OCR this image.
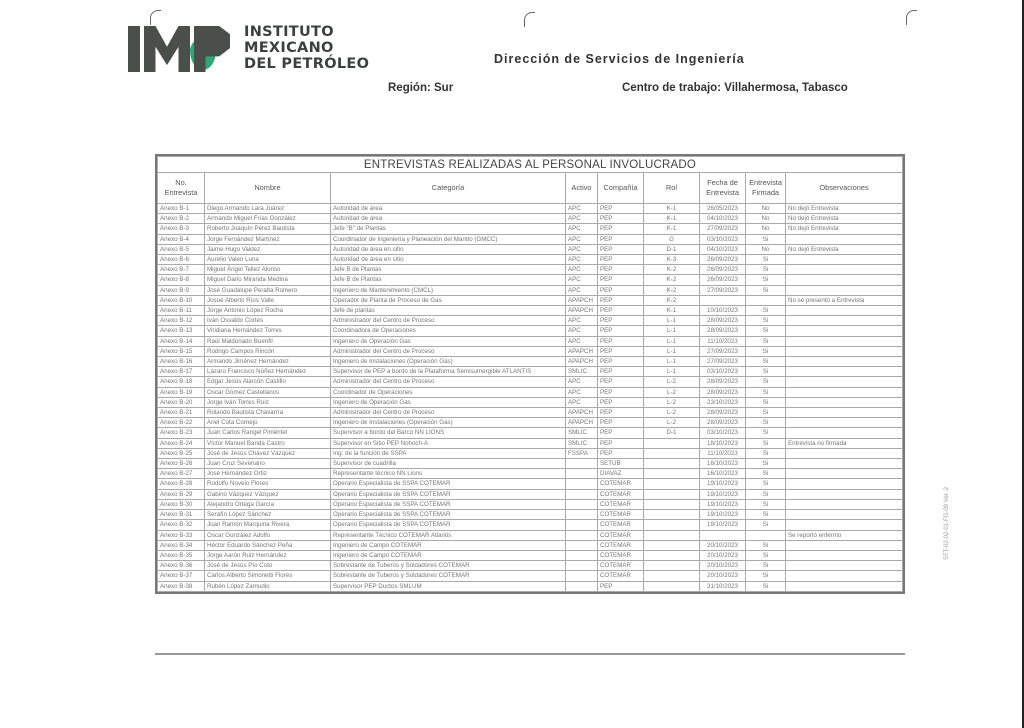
INSTITUTO
MEXICANO
DEL PETRÓLEO	Dirección de Servicios de Ingeniería
Región: Sur	Centro de trabajo: Villahermosa, Tabasco
ENTREVISTAS REALIZADAS AL PERSONAL INVOLUCRADO								
No. Entrevista	Nombre	Categoría	Activo	Compañía	Rol	Fecha de Entrevista	Entrevista Firmada	Observaciones
Anexo B-1	Diego Armando Lara Juárez	Autoridad de área	APC	PEP	K-1	26/05/2023	No	No dejó Entrevista
Anexo B-2	Armando Miguel Frías González	Autoridad de área	APC	PEP	K-1	04/10/2023	No	No dejó Entrevista
Anexo B-3	Roberto Joaquín Pérez Bautista	Jefe "B" de Plantas	APC	PEP	K-1	27/09/2023	No	No dejó Entrevista
Anexo B-4	Jorge Fernández Martínez	Coordinador de Ingeniería y Planeación del Mantto (GMCC)	APC	PEP	G	03/10/2023	Si	
Anexo B-5	Jaime Hugo Valdez	Autoridad de área en sitio	APC	PEP	D-1	04/10/2023	No	No dejó Entrevista
Anexo B-6	Aurelio Valen Luna	Autoridad de área en sitio	APC	PEP	K-3	26/09/2023	Si	
Anexo B-7	Miguel Ángel Tellez Alonso	Jefe B de Plantas	APC	PEP	K-2	26/09/2023	Si	
Anexo B-8	Miguel Dario Miranda Medina	Jefe B de Plantas	APC	PEP	K-2	26/09/2023	Si	
Anexo B-9	José Guadalupe Peralta Romero	Ingeniero de Mantenimiento (CMCL)	APC	PEP	K-2	27/09/2023	Si	
Anexo B-10	Josué Alberto Ríos Valle	Operador de Planta de Proceso de Gas	APAPCH	PEP	K-2			No se presentó a Entrevista
Anexo B-11	Jorge Antonio López Rocha	Jefe de plantas	APAPCH	PEP	K-1	10/10/2023	Si	
Anexo B-12	Iván Osvaldo Cortés	Administrador del Centro de Proceso	APC	PEP	L-1	28/09/2023	Si	
Anexo B-13	Viridiana Hernández Torres	Coordinadora de Operaciones	APC	PEP	L-1	28/09/2023	Si	
Anexo B-14	Raúl Maldonado Buenfil	Ingeniero de Operación Gas	APC	PEP	L-1	11/10/2023	Si	
Anexo B-15	Rodrigo Campos Rincón	Administrador del Centro de Proceso	APAPCH	PEP	L-1	27/09/2023	Si	
Anexo B-16	Armando Jiménez Hernández	Ingeniero de Instalaciones (Operación Gas)	APAPCH	PEP	L-1	27/09/2023	Si	
Anexo B-17	Lázaro Francisco Núñez Hernández	Supervisor de PEP a bordo de la Plataforma Semisumergible ATLANTIS	SMLIC	PEP	L-1	03/10/2023	Si	
Anexo B-18	Edgar Jesús Alarcón Castillo	Administrador del Centro de Proceso	APC	PEP	L-2	28/09/2023	Si	
Anexo B-19	Oscar Gómez Castellanos	Coordinador de Operaciones	APC	PEP	L-2	28/09/2023	Si	
Anexo B-20	Jorge Iván Torres Ruiz	Ingeniero de Operación Gas	APC	PEP	L-2	23/10/2023	Si	
Anexo B-21	Rolando Bautista Chavarría	Administrador del Centro de Proceso	APAPCH	PEP	L-2	28/09/2023	Si	
Anexo B-22	Ariel Cota Cornejo	Ingeniero de Instalaciones (Operación Gas)	APAPCH	PEP	L-2	28/09/2023	Si	
Anexo B-23	Juan Carlos Rangel Pimentel	Supervisor a bordo del Barco NN LIONS	SMLIC	PEP	D-1	03/10/2023	Si	
Anexo B-24	Víctor Manuel Banda Castro	Supervisor en Sitio PEP Nohoch-A	SMLIC	PEP		18/10/2023	Si	Entrevista no firmada
Anexo B-25	José de Jesús Chávez Vázquez	Ing. de la función de SSPA	FSSPA	PEP		11/10/2023	Si	
Anexo B-26	Juan Cruz Severiano	Supervisor de cuadrilla		SETUB		16/10/2023	Si	
Anexo B-27	José Hernández Ortiz	Representante técnico NN Lions		DIAVAZ		16/10/2023	Si	
Anexo B-28	Rodolfo Novelo Flores	Operario Especialista de SSPA COTEMAR		COTEMAR		19/10/2023	Si	
Anexo B-29	Gabino Vázquez Vázquez	Operario Especialista de SSPA COTEMAR		COTEMAR		19/10/2023	Si	
Anexo B-30	Alejandro Ortega García	Operario Especialista de SSPA COTEMAR		COTEMAR		19/10/2023	Si	
Anexo B-31	Serafín López Sánchez	Operario Especialista de SSPA COTEMAR		COTEMAR		19/10/2023	Si	
Anexo B-32	Juan Ramón Marquina Rivera	Operario Especialista de SSPA COTEMAR		COTEMAR		19/10/2023	Si	
Anexo B-33	Oscar González Adolfo	Representante Técnico COTEMAR Atlantis		COTEMAR				Se reportó enfermo
Anexo B-34	Héctor Eduardo Sánchez Peña	Ingeniero de Campo COTEMAR		COTEMAR		20/10/2023	Si	
Anexo B-35	Jorge Aarón Ruiz Hernández	Ingeniero de Campo COTEMAR		COTEMAR		20/10/2023	Si	
Anexo B-36	José de Jesús Pío Coto	Sobrestante de Tuberos y Soldadores COTEMAR		COTEMAR		20/10/2023	Si	
Anexo B-37	Carlos Alberto Simonetti Flores	Sobrestante de Tuberos y Soldadores COTEMAR		COTEMAR		20/10/2023	Si	
Anexo B-38	Rubén López Zamudio	Supervisor PEP Ductos SMLUM		PEP		31/10/2023	Si	
STT-02-02-01-FG-09 Ver. 2
